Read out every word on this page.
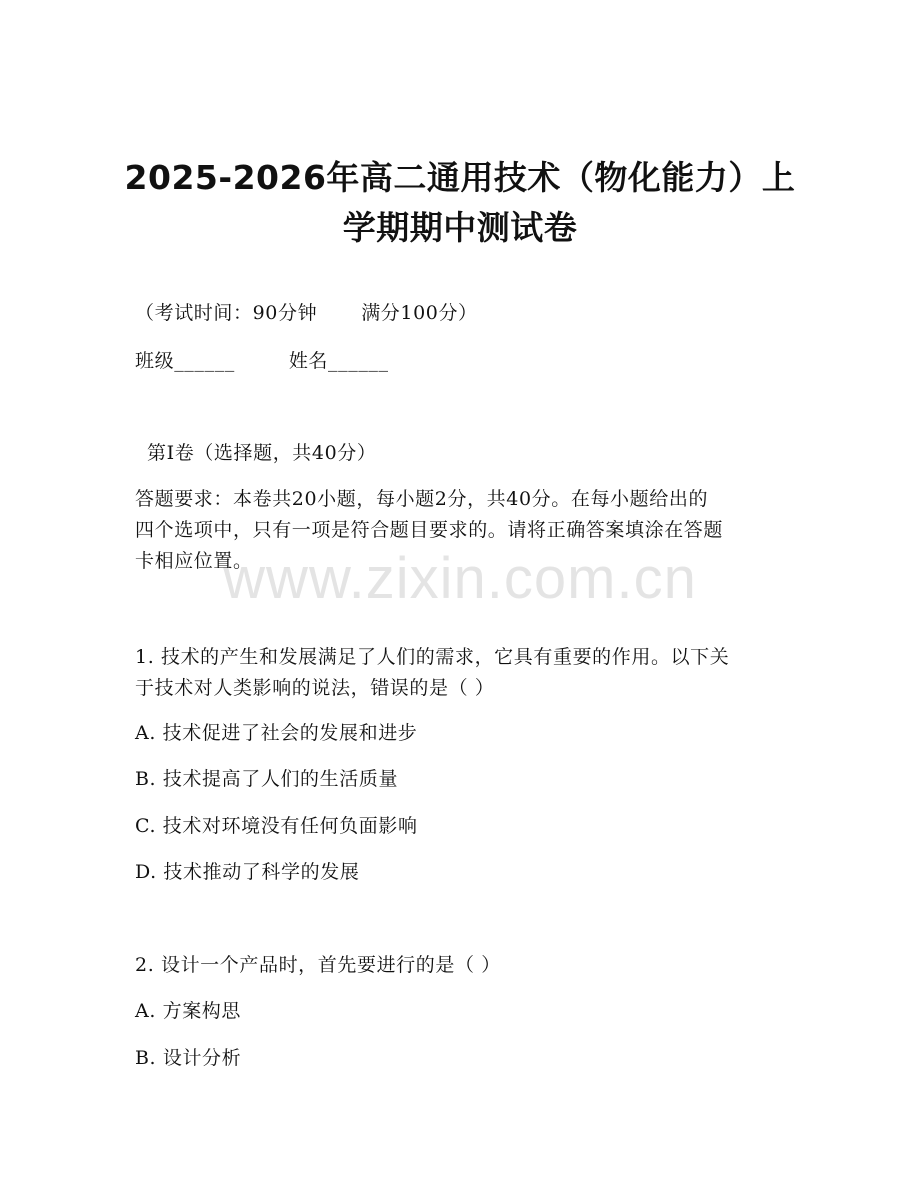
www.zixin.com.cn
2025-2026年高二通用技术（物化能力）上
学期期中测试卷
（考试时间：90分钟 满分100分）
班级______	姓名______
第Ⅰ卷（选择题，共40分）
答题要求：本卷共20小题，每小题2分，共40分。在每小题给出的
四个选项中，只有一项是符合题目要求的。请将正确答案填涂在答题
卡相应位置。
1. 技术的产生和发展满足了人们的需求，它具有重要的作用。以下关
于技术对人类影响的说法，错误的是（ ）
A. 技术促进了社会的发展和进步
B. 技术提高了人们的生活质量
C. 技术对环境没有任何负面影响
D. 技术推动了科学的发展
2. 设计一个产品时，首先要进行的是（ ）
A. 方案构思
B. 设计分析
